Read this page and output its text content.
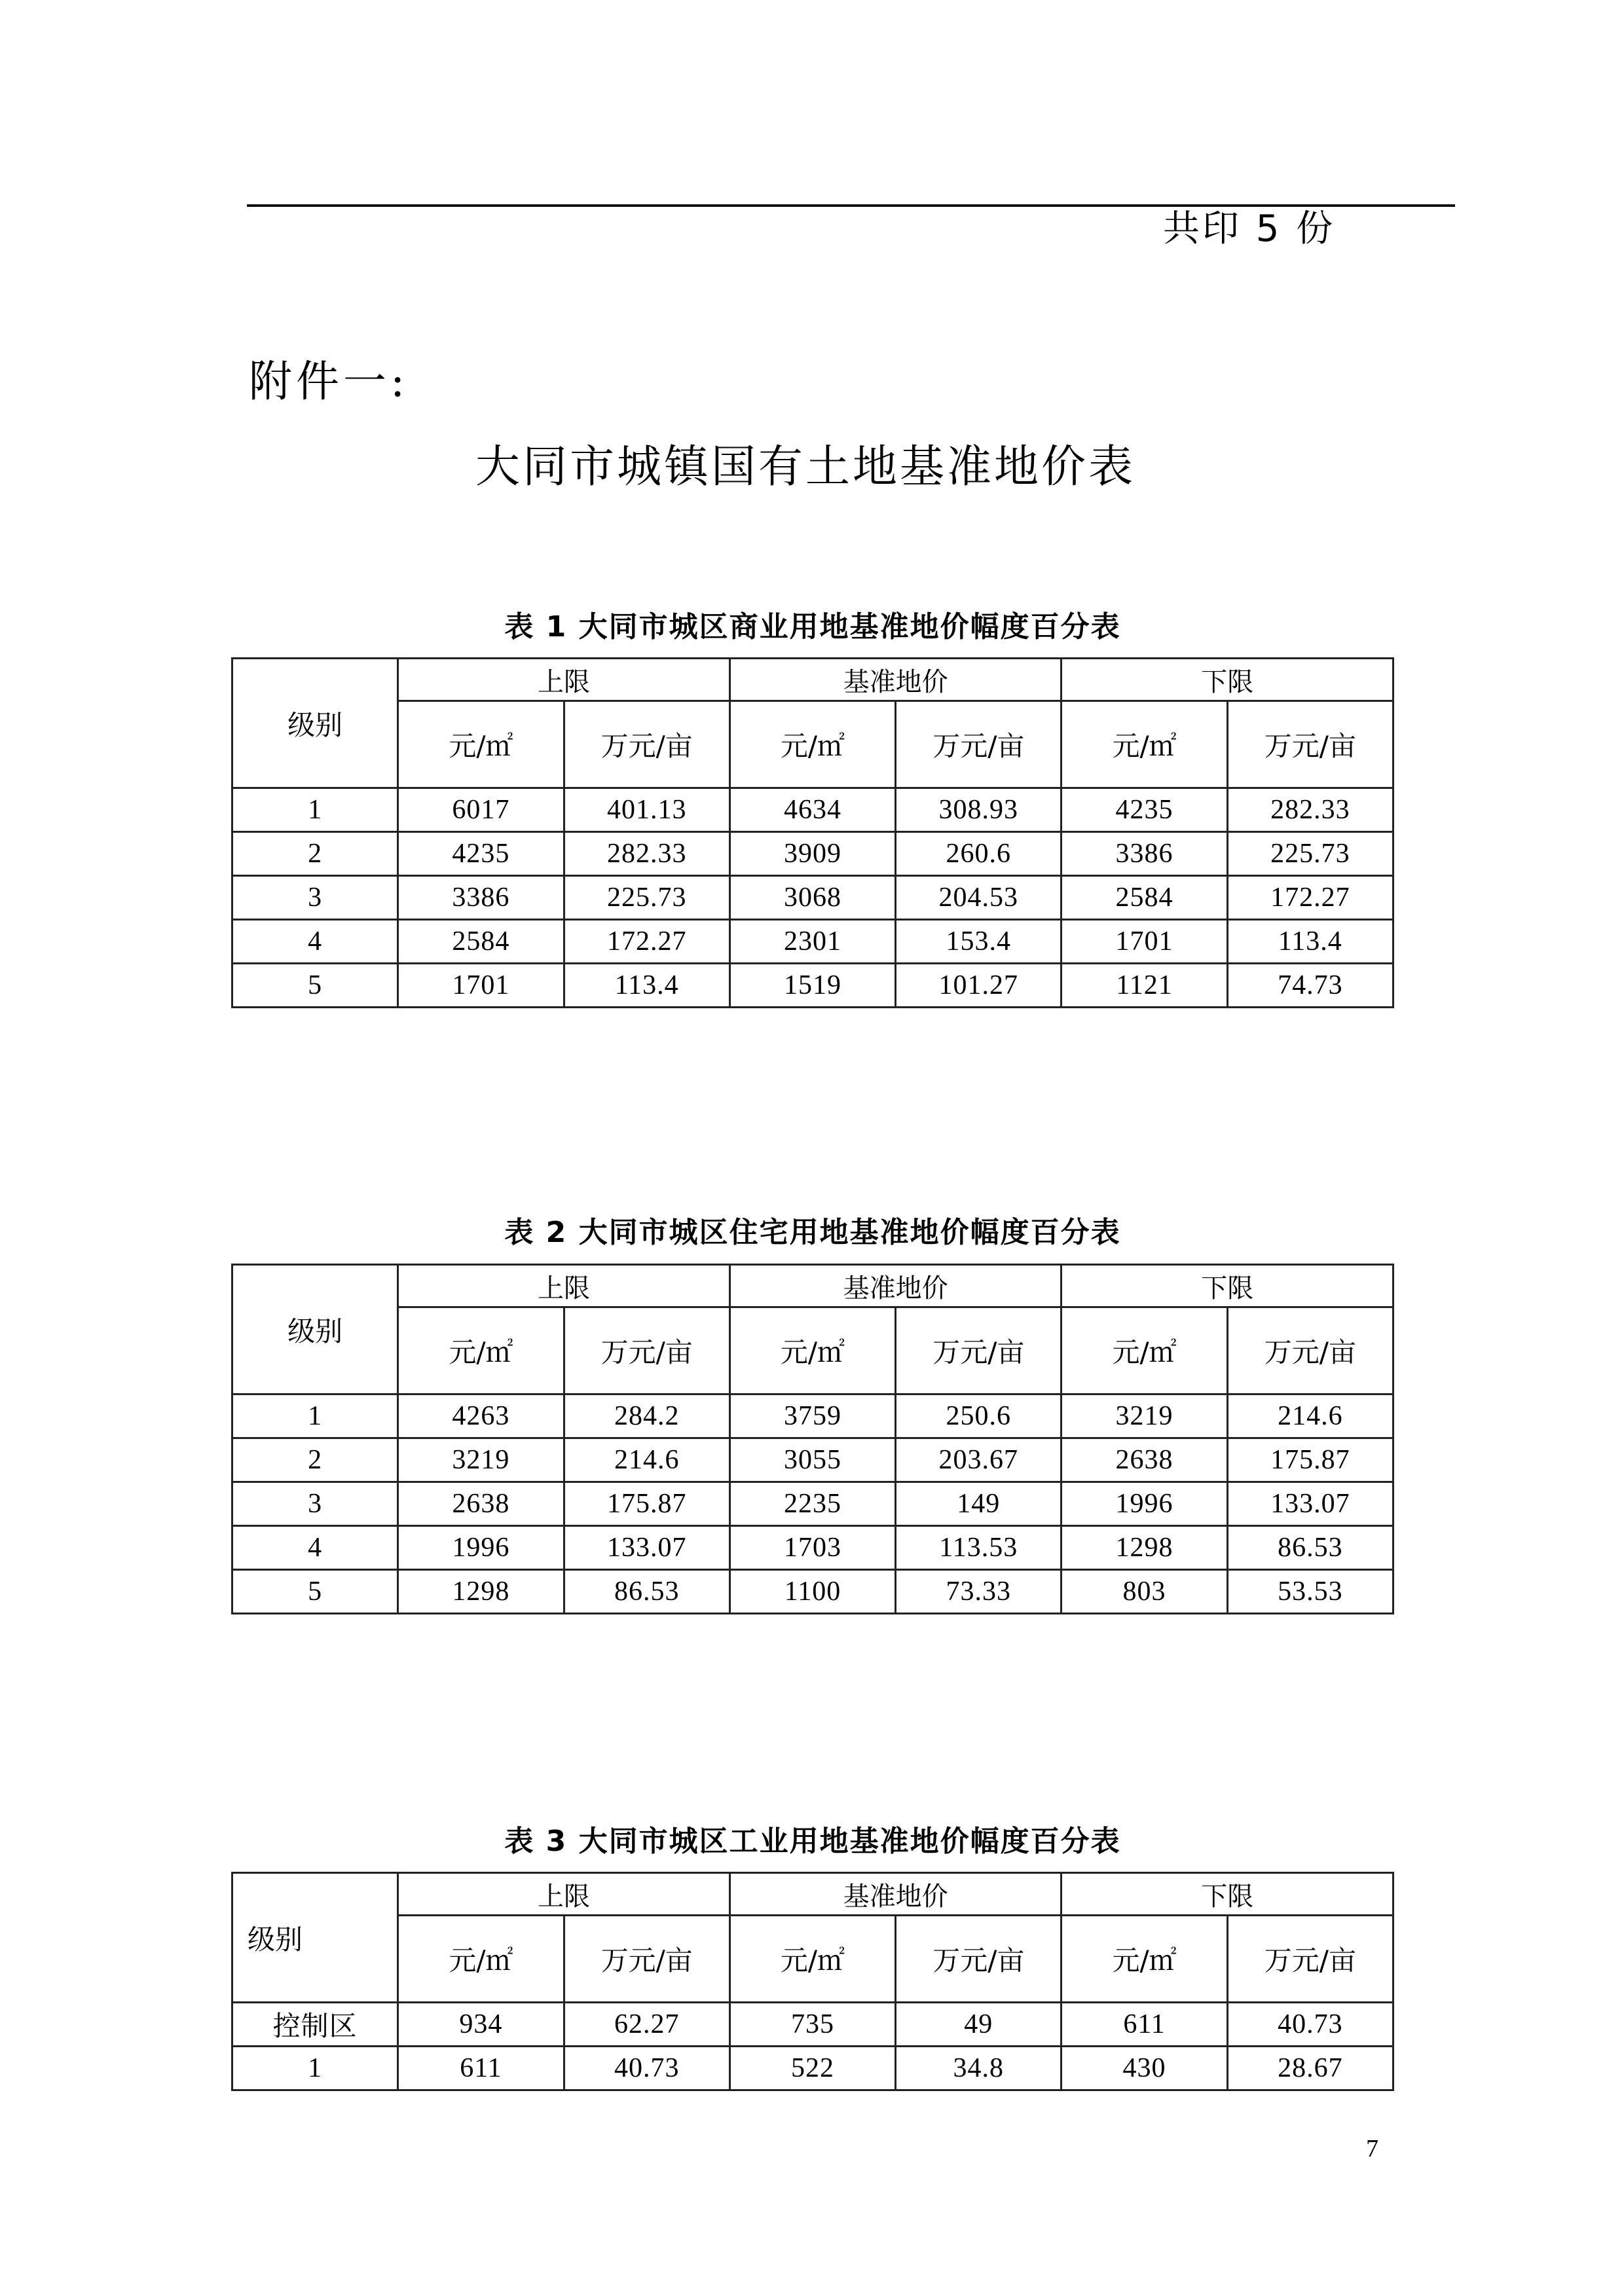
共印 5 份
附件一:
大同市城镇国有土地基准地价表
表 1 大同市城区商业用地基准地价幅度百分表
级别	上限		基准地价		下限	
	元/㎡	万元/亩	元/㎡	万元/亩	元/㎡	万元/亩
1	6017	401.13	4634	308.93	4235	282.33
2	4235	282.33	3909	260.6	3386	225.73
3	3386	225.73	3068	204.53	2584	172.27
4	2584	172.27	2301	153.4	1701	113.4
5	1701	113.4	1519	101.27	1121	74.73
表 2 大同市城区住宅用地基准地价幅度百分表
级别	上限		基准地价		下限	
	元/㎡	万元/亩	元/㎡	万元/亩	元/㎡	万元/亩
1	4263	284.2	3759	250.6	3219	214.6
2	3219	214.6	3055	203.67	2638	175.87
3	2638	175.87	2235	149	1996	133.07
4	1996	133.07	1703	113.53	1298	86.53
5	1298	86.53	1100	73.33	803	53.53
表 3 大同市城区工业用地基准地价幅度百分表
级别	上限		基准地价		下限	
	元/㎡	万元/亩	元/㎡	万元/亩	元/㎡	万元/亩
控制区	934	62.27	735	49	611	40.73
1	611	40.73	522	34.8	430	28.67
7
